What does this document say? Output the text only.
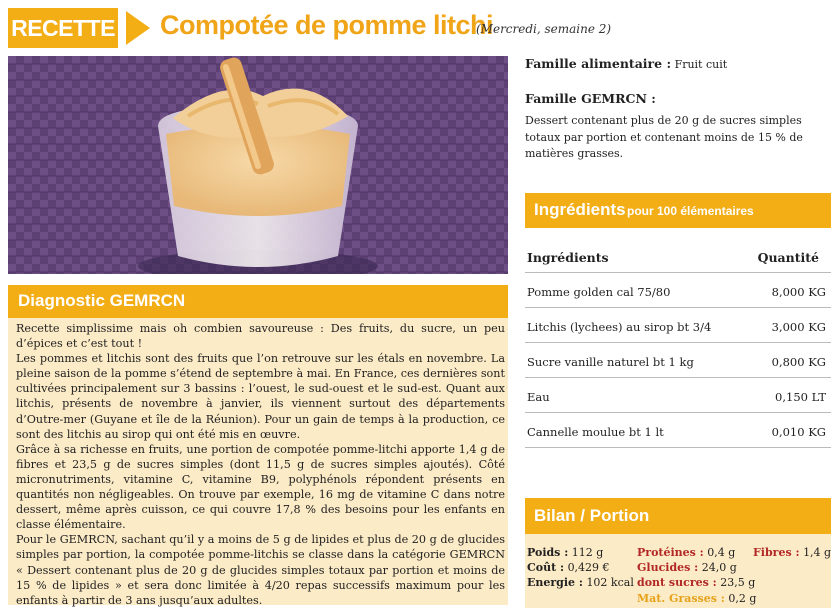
RECETTE Compotée de pomme litchi
(Mercredi, semaine 2)
Diagnostic GEMRCN

Recette simplissime mais oh combien savoureuse : Des fruits, du sucre, un peu d’épices et c’est tout !

Les pommes et litchis sont des fruits que l’on retrouve sur les étals en novembre. La pleine saison de la pomme s’étend de septembre à mai. En France, ces dernières sont cultivées principalement sur 3 bassins : l’ouest, le sud-ouest et le sud-est. Quant aux litchis, présents de novembre à janvier, ils viennent surtout des départements d’Outre-mer (Guyane et île de la Réunion). Pour un gain de temps à la production, ce sont des litchis au sirop qui ont été mis en œuvre.

Grâce à sa richesse en fruits, une portion de compotée pomme-litchi apporte 1,4 g de fibres et 23,5 g de sucres simples (dont 11,5 g de sucres simples ajoutés). Côté micronutriments, vitamine C, vitamine B9, polyphénols répondent présents en quantités non négligeables. On trouve par exemple, 16 mg de vitamine C dans notre dessert, même après cuisson, ce qui couvre 17,8 % des besoins pour les enfants en classe élémentaire.

Pour le GEMRCN, sachant qu’il y a moins de 5 g de lipides et plus de 20 g de glucides simples par portion, la compotée pomme-litchis se classe dans la catégorie GEMRCN « Dessert contenant plus de 20 g de glucides simples totaux par portion et moins de 15 % de lipides » et sera donc limitée à 4/20 repas successifs maximum pour les enfants à partir de 3 ans jusqu’aux adultes.

Famille alimentaire : Fruit cuit
Famille GEMRCN :
Dessert contenant plus de 20 g de sucres simples totaux par portion et contenant moins de 15 % de matières grasses.
Ingrédients pour 100 élémentaires
Ingrédients	Quantité
Pomme golden cal 75/80	8,000 KG
Litchis (lychees) au sirop bt 3/4	3,000 KG
Sucre vanille naturel bt 1 kg	0,800 KG
Eau	0,150 LT
Cannelle moulue bt 1 lt	0,010 KG
Bilan / Portion
Poids : 112 g
Coût : 0,429 €
Energie : 102 kcal
Protéines : 0,4 g
Glucides : 24,0 g
dont sucres : 23,5 g
Mat. Grasses : 0,2 g
Fibres : 1,4 g
